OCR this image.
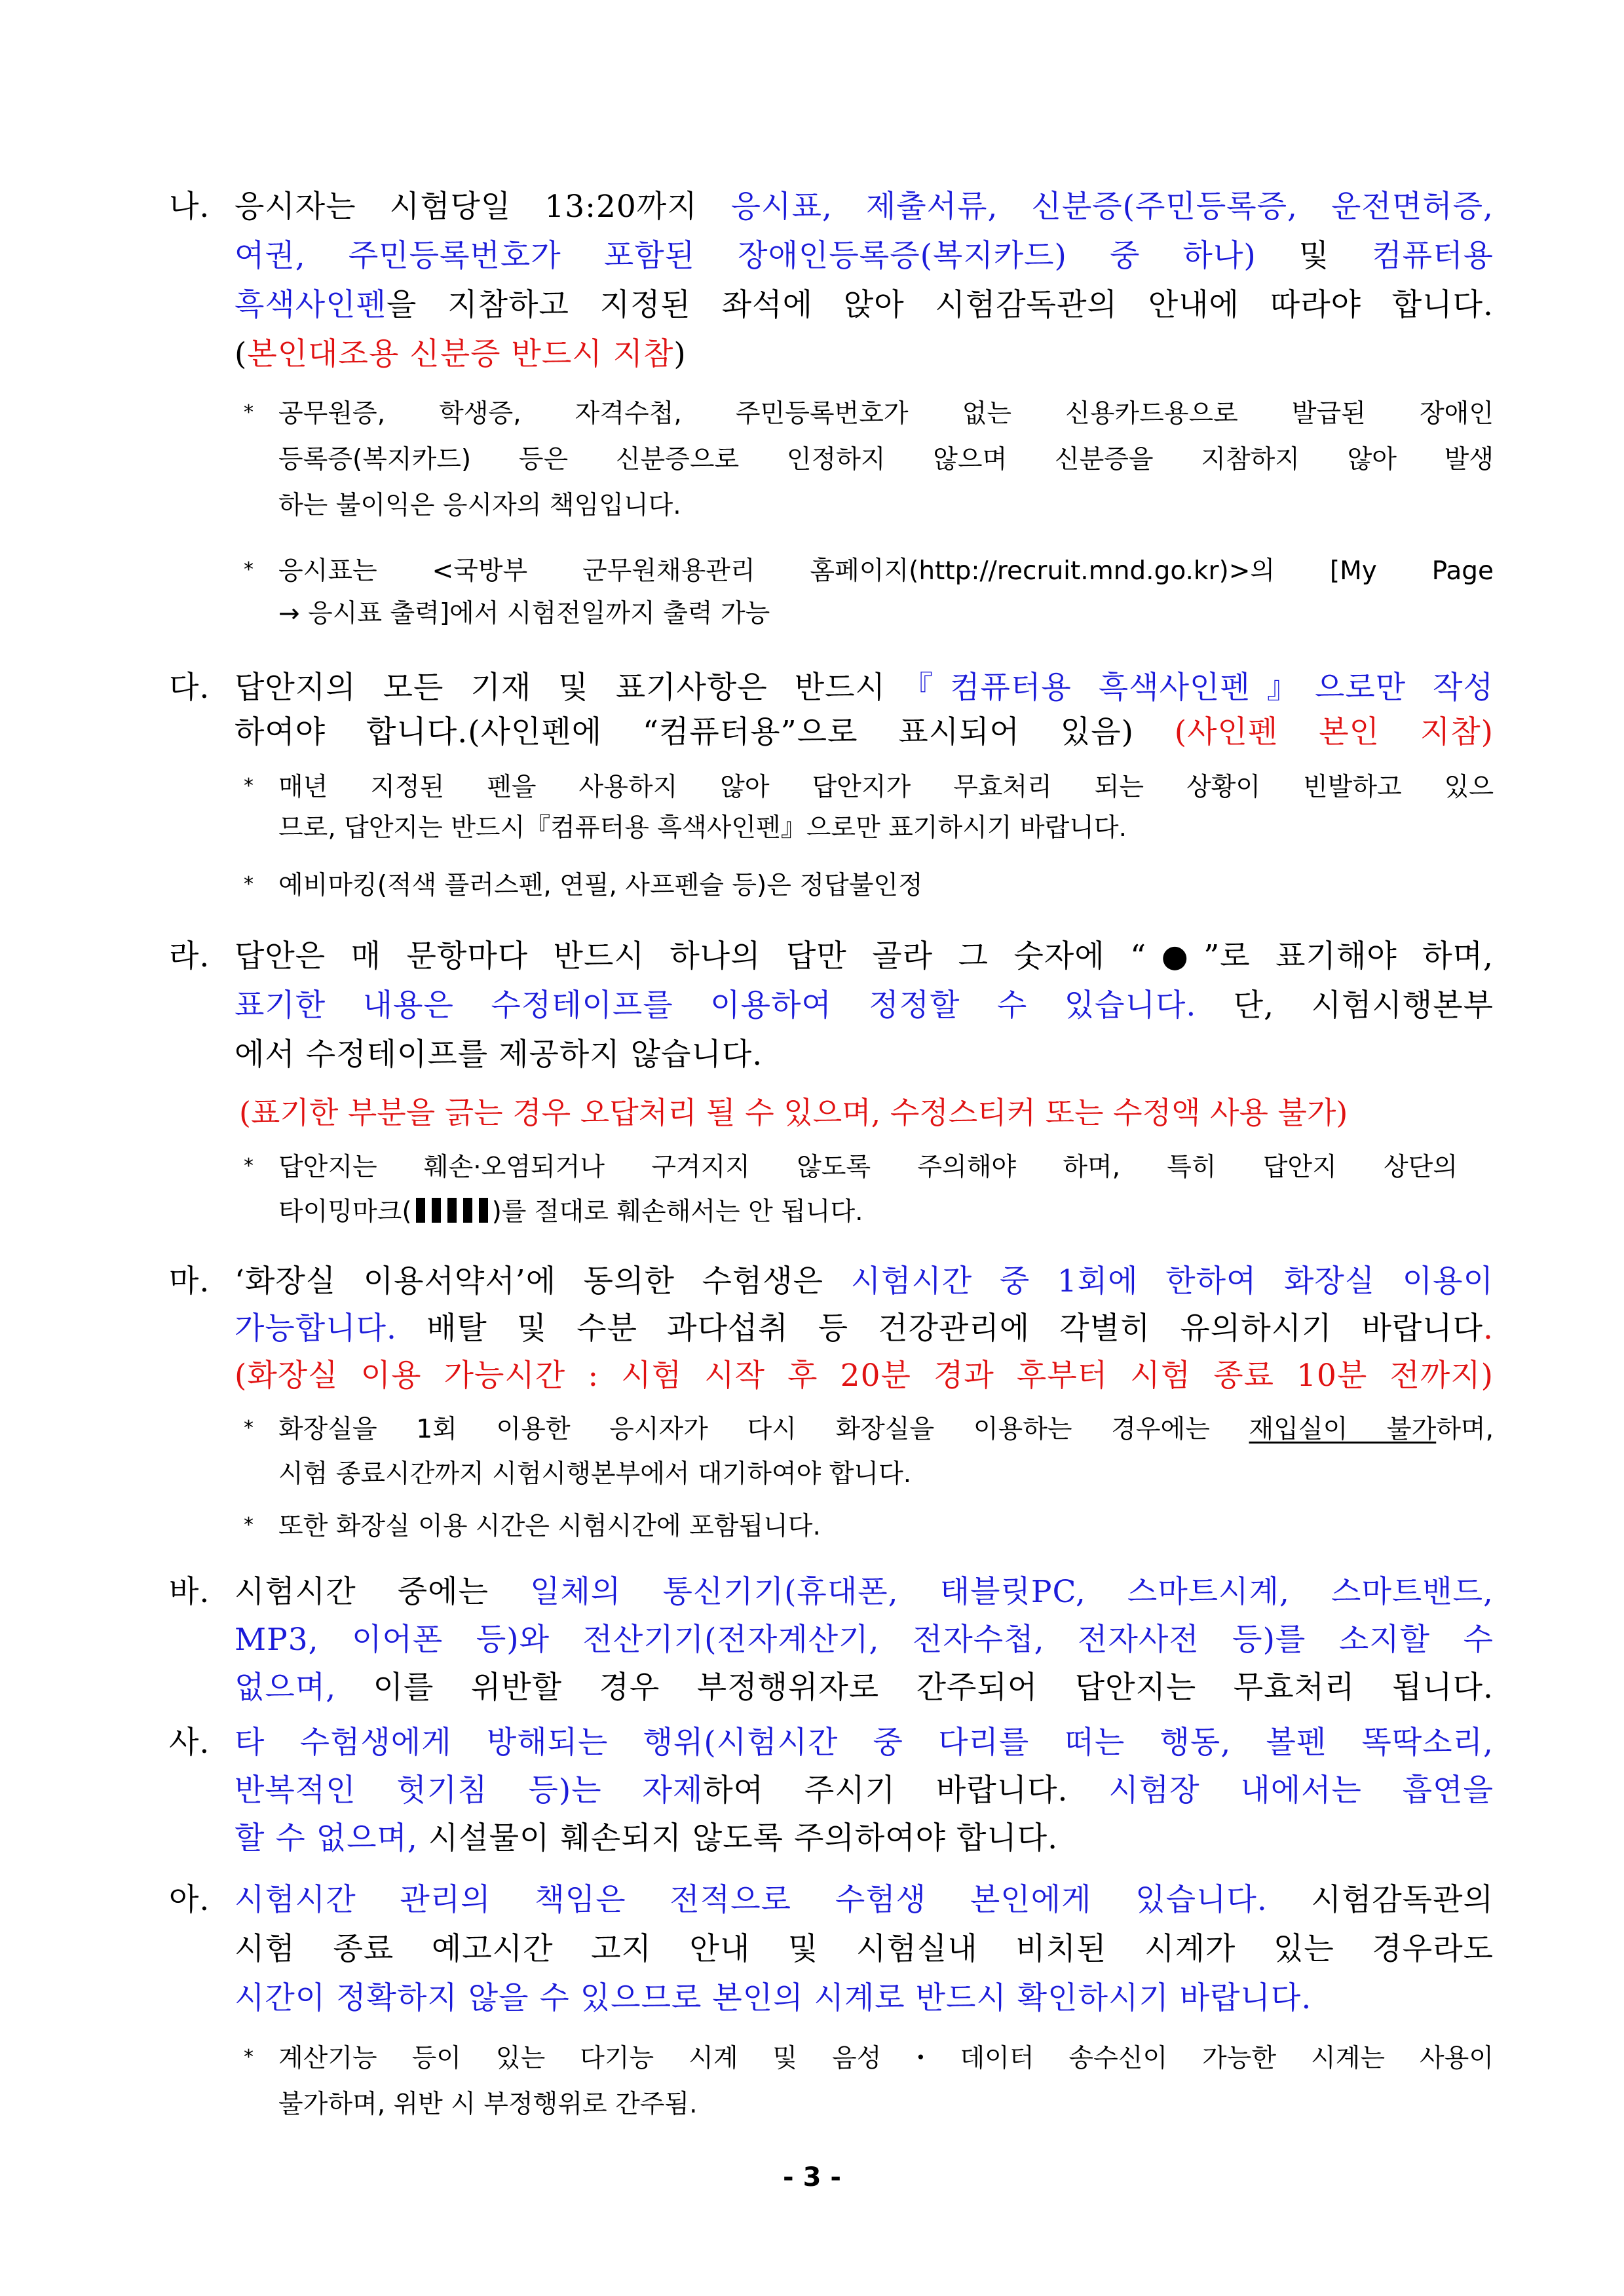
나. 응시자는 시험당일 13:20까지 응시표, 제출서류, 신분증(주민등록증, 운전면허증,
여권, 주민등록번호가 포함된 장애인등록증(복지카드) 중 하나) 및 컴퓨터용
흑색사인펜을 지참하고 지정된 좌석에 앉아 시험감독관의 안내에 따라야 합니다.
(본인대조용 신분증 반드시 지참)
* 공무원증, 학생증, 자격수첩, 주민등록번호가 없는 신용카드용으로 발급된 장애인
등록증(복지카드) 등은 신분증으로 인정하지 않으며 신분증을 지참하지 않아 발생
하는 불이익은 응시자의 책임입니다.
* 응시표는 <국방부 군무원채용관리 홈페이지(http://recruit.mnd.go.kr)>의 [My Page
→ 응시표 출력]에서 시험전일까지 출력 가능
다. 답안지의 모든 기재 및 표기사항은 반드시『컴퓨터용 흑색사인펜』으로만 작성
하여야 합니다.(사인펜에 “컴퓨터용”으로 표시되어 있음) (사인펜 본인 지참)
* 매년 지정된 펜을 사용하지 않아 답안지가 무효처리 되는 상황이 빈발하고 있으
므로, 답안지는 반드시『컴퓨터용 흑색사인펜』으로만 표기하시기 바랍니다.
* 예비마킹(적색 플러스펜, 연필, 사프펜슬 등)은 정답불인정
라. 답안은 매 문항마다 반드시 하나의 답만 골라 그 숫자에 “●”로 표기해야 하며,
표기한 내용은 수정테이프를 이용하여 정정할 수 있습니다. 단, 시험시행본부
에서 수정테이프를 제공하지 않습니다.
(표기한 부분을 긁는 경우 오답처리 될 수 있으며, 수정스티커 또는 수정액 사용 불가)
* 답안지는 훼손·오염되거나 구겨지지 않도록 주의해야 하며, 특히 답안지 상단의
타이밍마크(	)를 절대로 훼손해서는 안 됩니다.
마. ‘화장실 이용서약서’에 동의한 수험생은 시험시간 중 1회에 한하여 화장실 이용이
가능합니다. 배탈 및 수분 과다섭취 등 건강관리에 각별히 유의하시기 바랍니다.
(화장실 이용 가능시간 : 시험 시작 후 20분 경과 후부터 시험 종료 10분 전까지)
* 화장실을 1회 이용한 응시자가 다시 화장실을 이용하는 경우에는 재입실이 불가하며,
시험 종료시간까지 시험시행본부에서 대기하여야 합니다.
* 또한 화장실 이용 시간은 시험시간에 포함됩니다.
바. 시험시간 중에는 일체의 통신기기(휴대폰, 태블릿PC, 스마트시계, 스마트밴드,
MP3, 이어폰 등)와 전산기기(전자계산기, 전자수첩, 전자사전 등)를 소지할 수
없으며, 이를 위반할 경우 부정행위자로 간주되어 답안지는 무효처리 됩니다.
사. 타 수험생에게 방해되는 행위(시험시간 중 다리를 떠는 행동, 볼펜 똑딱소리,
반복적인 헛기침 등)는 자제하여 주시기 바랍니다. 시험장 내에서는 흡연을
할 수 없으며, 시설물이 훼손되지 않도록 주의하여야 합니다.
아. 시험시간 관리의 책임은 전적으로 수험생 본인에게 있습니다. 시험감독관의
시험 종료 예고시간 고지 안내 및 시험실내 비치된 시계가 있는 경우라도
시간이 정확하지 않을 수 있으므로 본인의 시계로 반드시 확인하시기 바랍니다.
* 계산기능 등이 있는 다기능 시계 및 음성・데이터 송수신이 가능한 시계는 사용이
불가하며, 위반 시 부정행위로 간주됨.
- 3 -
